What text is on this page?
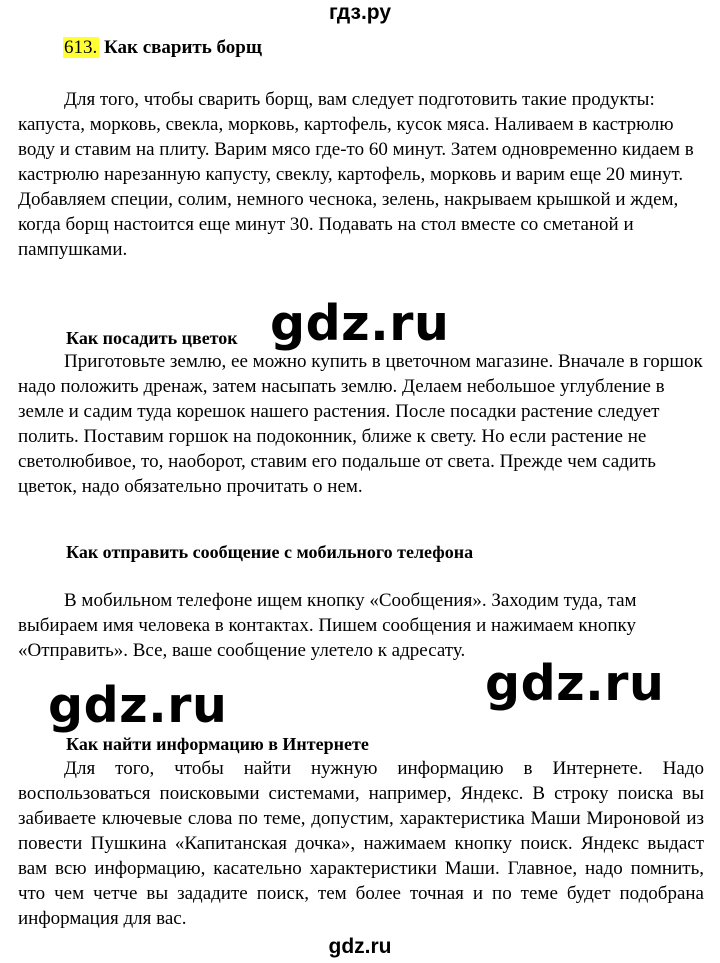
гдз.ру
613. Как сварить борщ

Для того, чтобы сварить борщ, вам следует подготовить такие продукты: капуста, морковь, свекла, морковь, картофель, кусок мяса. Наливаем в кастрюлю воду и ставим на плиту. Варим мясо где-то 60 минут. Затем одновременно кидаем в кастрюлю нарезанную капусту, свеклу, картофель, морковь и варим еще 20 минут. Добавляем специи, солим, немного чеснока, зелень, накрываем крышкой и ждем, когда борщ настоится еще минут 30. Подавать на стол вместе со сметаной и пампушками.

Как посадить цветок

Приготовьте землю, ее можно купить в цветочном магазине. Вначале в горшок надо положить дренаж, затем насыпать землю. Делаем небольшое углубление в земле и садим туда корешок нашего растения. После посадки растение следует полить. Поставим горшок на подоконник, ближе к свету. Но если растение не светолюбивое, то, наоборот, ставим его подальше от света. Прежде чем садить цветок, надо обязательно прочитать о нем.

Как отправить сообщение с мобильного телефона

В мобильном телефоне ищем кнопку «Сообщения». Заходим туда, там выбираем имя человека в контактах. Пишем сообщения и нажимаем кнопку «Отправить». Все, ваше сообщение улетело к адресату.

Как найти информацию в Интернете

Для того, чтобы найти нужную информацию в Интернете. Надо воспользоваться поисковыми системами, например, Яндекс. В строку поиска вы забиваете ключевые слова по теме, допустим, характеристика Маши Мироновой из повести Пушкина «Капитанская дочка», нажимаем кнопку поиск. Яндекс выдаст вам всю информацию, касательно характеристики Маши. Главное, надо помнить, что чем четче вы зададите поиск, тем более точная и по теме будет подобрана информация для вас.

gdz.ru
gdz.ru
gdz.ru
gdz.ru
